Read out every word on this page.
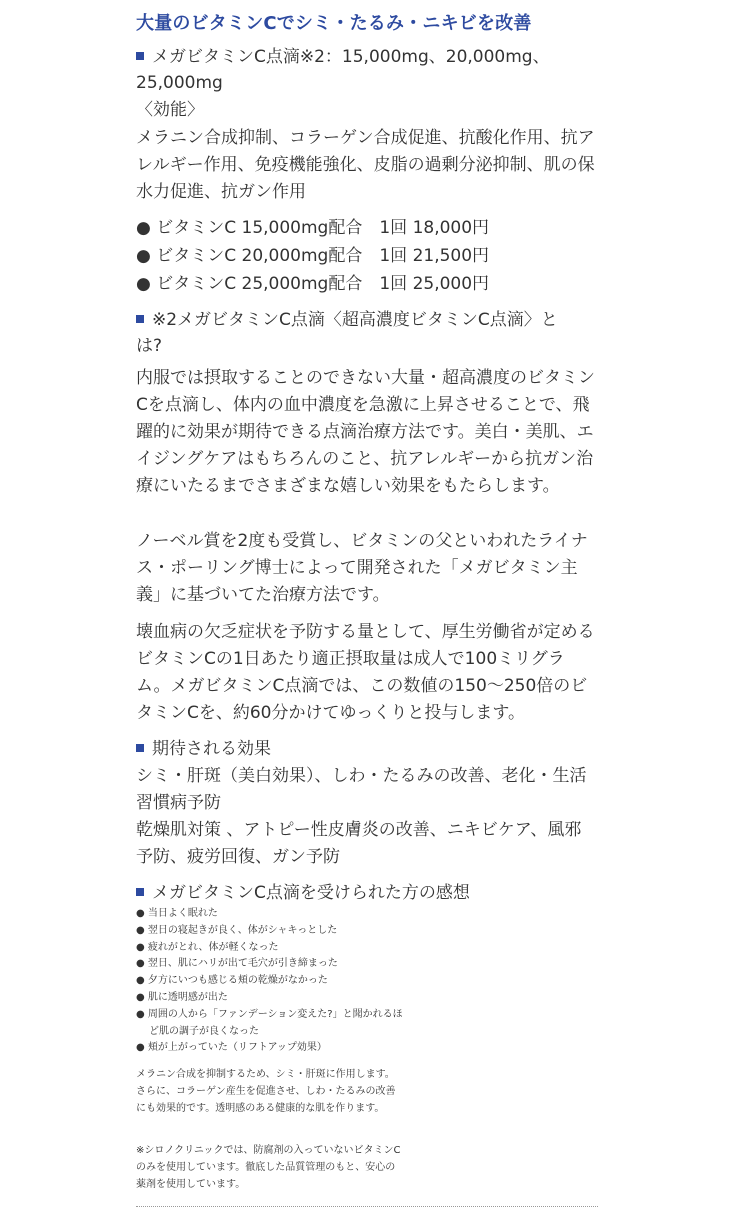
大量のビタミンCでシミ・たるみ・ニキビを改善
メガビタミンC点滴※2：15,000mg、20,000mg、
25,000mg

〈効能〉

メラニン合成抑制、コラーゲン合成促進、抗酸化作用、抗アレルギー作用、免疫機能強化、皮脂の過剰分泌抑制、肌の保水力促進、抗ガン作用

● ビタミンC 15,000mg配合　1回 18,000円
● ビタミンC 20,000mg配合　1回 21,500円
● ビタミンC 25,000mg配合　1回 25,000円
※2メガビタミンC点滴〈超高濃度ビタミンC点滴〉と
は?

内服では摂取することのできない大量・超高濃度のビタミンCを点滴し、体内の血中濃度を急激に上昇させることで、飛躍的に効果が期待できる点滴治療方法です。美白・美肌、エイジングケアはもちろんのこと、抗アレルギーから抗ガン治療にいたるまでさまざまな嬉しい効果をもたらします。

ノーベル賞を2度も受賞し、ビタミンの父といわれたライナス・ポーリング博士によって開発された「メガビタミン主義」に基づいてた治療方法です。

壊血病の欠乏症状を予防する量として、厚生労働省が定めるビタミンCの1日あたり適正摂取量は成人で100ミリグラム。メガビタミンC点滴では、この数値の150〜250倍のビタミンCを、約60分かけてゆっくりと投与します。

期待される効果

シミ・肝斑（美白効果）、しわ・たるみの改善、老化・生活習慣病予防

乾燥肌対策 、アトピー性皮膚炎の改善、ニキビケア、風邪予防、疲労回復、ガン予防

メガビタミンC点滴を受けられた方の感想
● 当日よく眠れた
● 翌日の寝起きが良く、体がシャキっとした
● 疲れがとれ、体が軽くなった
● 翌日、肌にハリが出て毛穴が引き締まった
● 夕方にいつも感じる頬の乾燥がなかった
● 肌に透明感が出た
● 周囲の人から「ファンデーション変えた?」と聞かれるほど肌の調子が良くなった
● 頬が上がっていた（リフトアップ効果）

メラニン合成を抑制するため、シミ・肝斑に作用します。さらに、コラーゲン産生を促進させ、しわ・たるみの改善にも効果的です。透明感のある健康的な肌を作ります。

※シロノクリニックでは、防腐剤の入っていないビタミンCのみを使用しています。徹底した品質管理のもと、安心の薬剤を使用しています。
